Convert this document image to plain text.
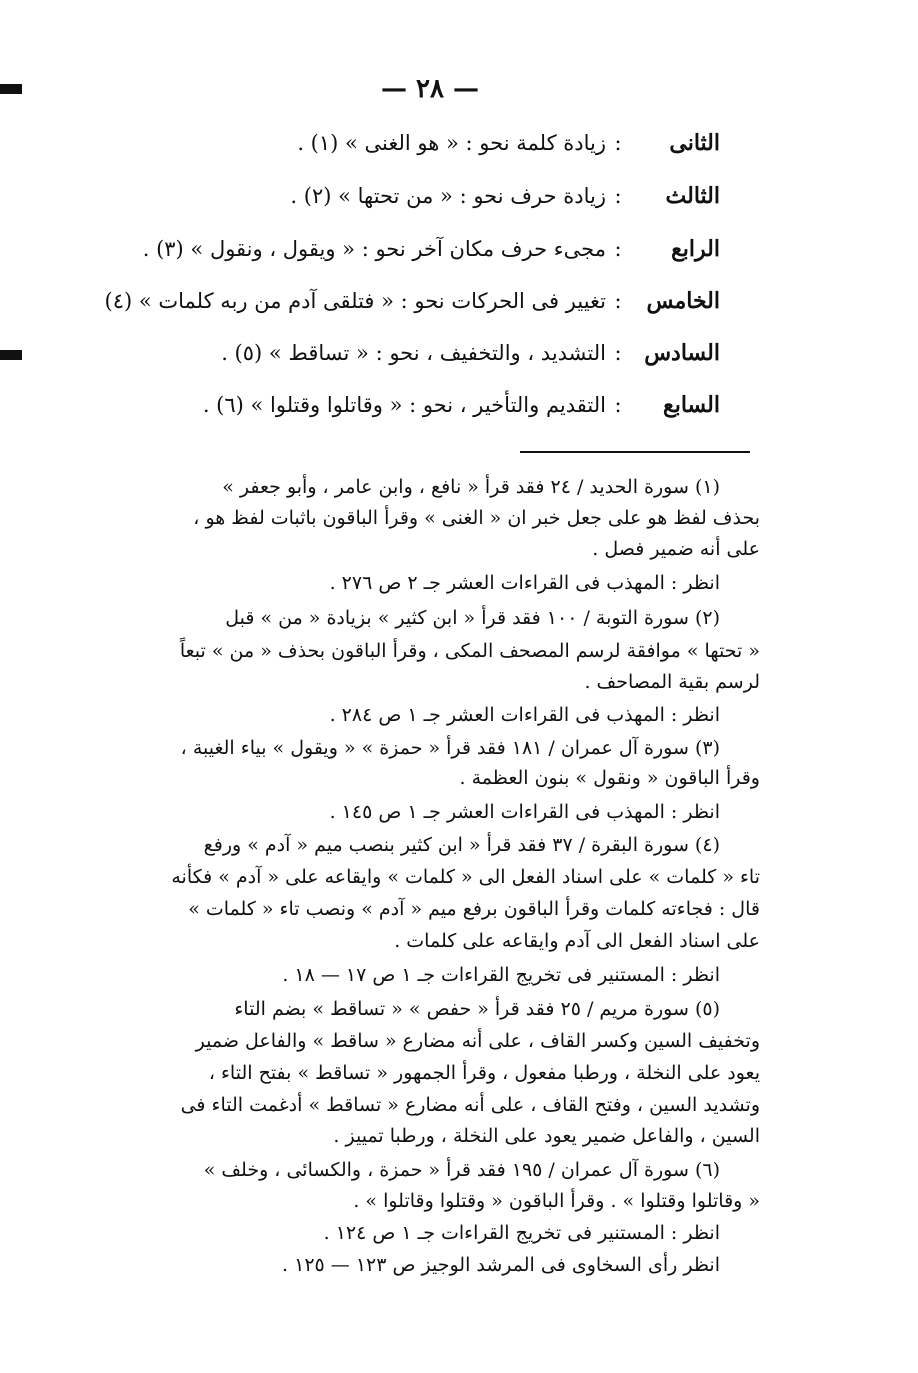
— ٢٨ —
الثانى:زيادة كلمة نحو : « هو الغنى » (١) .
الثالث:زيادة حرف نحو : « من تحتها » (٢) .
الرابع:مجىء حرف مكان آخر نحو : « ويقول ، ونقول » (٣) .
الخامس:تغيير فى الحركات نحو : « فتلقى آدم من ربه كلمات » (٤)
السادس:التشديد ، والتخفيف ، نحو : « تساقط » (٥) .
السابع:التقديم والتأخير ، نحو : « وقاتلوا وقتلوا » (٦) .
(١) سورة الحديد / ٢٤ فقد قرأ « نافع ، وابن عامر ، وأبو جعفر »
بحذف لفظ هو على جعل خبر ان « الغنى » وقرأ الباقون باثبات لفظ هو ،
على أنه ضمير فصل .
انظر : المهذب فى القراءات العشر جـ ٢ ص ٢٧٦ .
(٢) سورة التوبة / ١٠٠ فقد قرأ « ابن كثير » بزيادة « من » قبل
« تحتها » موافقة لرسم المصحف المكى ، وقرأ الباقون بحذف « من » تبعاً
لرسم بقية المصاحف .
انظر : المهذب فى القراءات العشر جـ ١ ص ٢٨٤ .
(٣) سورة آل عمران / ١٨١ فقد قرأ « حمزة » « ويقول » بياء الغيبة ،
وقرأ الباقون « ونقول » بنون العظمة .
انظر : المهذب فى القراءات العشر جـ ١ ص ١٤٥ .
(٤) سورة البقرة / ٣٧ فقد قرأ « ابن كثير بنصب ميم « آدم » ورفع
تاء « كلمات » على اسناد الفعل الى « كلمات » وايقاعه على « آدم » فكأنه
قال : فجاءته كلمات وقرأ الباقون برفع ميم « آدم » ونصب تاء « كلمات »
على اسناد الفعل الى آدم وايقاعه على كلمات .
انظر : المستنير فى تخريج القراءات جـ ١ ص ١٧ — ١٨ .
(٥) سورة مريم / ٢٥ فقد قرأ « حفص » « تساقط » بضم التاء
وتخفيف السين وكسر القاف ، على أنه مضارع « ساقط » والفاعل ضمير
يعود على النخلة ، ورطبا مفعول ، وقرأ الجمهور « تساقط » بفتح التاء ،
وتشديد السين ، وفتح القاف ، على أنه مضارع « تساقط » أدغمت التاء فى
السين ، والفاعل ضمير يعود على النخلة ، ورطبا تمييز .
(٦) سورة آل عمران / ١٩٥ فقد قرأ « حمزة ، والكسائى ، وخلف »
« وقاتلوا وقتلوا » . وقرأ الباقون « وقتلوا وقاتلوا » .
انظر : المستنير فى تخريج القراءات جـ ١ ص ١٢٤ .
انظر رأى السخاوى فى المرشد الوجيز ص ١٢٣ — ١٢٥ .
